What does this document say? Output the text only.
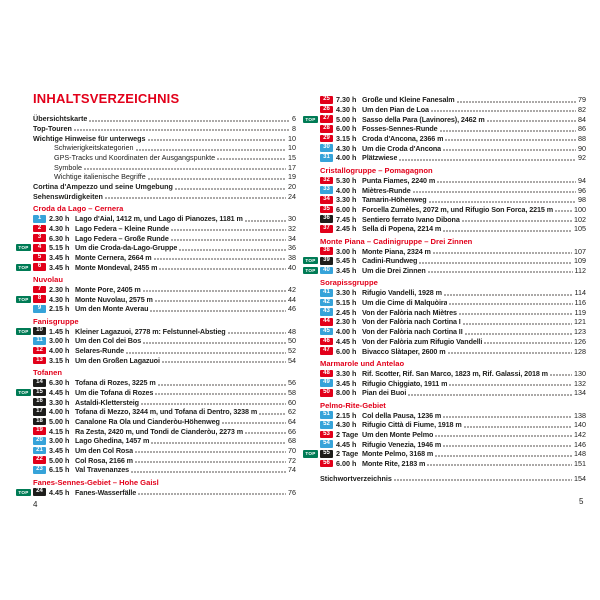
INHALTSVERZEICHNIS
Übersichtskarte	6
Top-Touren	8
Wichtige Hinweise für unterwegs	10
Schwierigkeitskategorien	10
GPS-Tracks und Koordinaten der Ausgangspunkte	15
Symbole	17
Wichtige italienische Begriffe	19
Cortina d'Ampezzo und seine Umgebung	20
Sehenswürdigkeiten	24
Croda da Lago – Cernera
1	2.30 h Lago d'Aial, 1412 m, und Lago di Pianozes, 1181 m	30
2	4.30 h Lago Federa – Kleine Runde	32
3	6.30 h Lago Federa – Große Runde	34
TOP	4	5.15 h Um die Croda-da-Lago-Gruppe	36
5	3.45 h Monte Cernera, 2664 m	38
TOP	6	3.45 h Monte Mondeval, 2455 m	40
Nuvolau
7	2.30 h Monte Pore, 2405 m	42
TOP	8	4.30 h Monte Nuvolau, 2575 m	44
9	2.15 h Um den Monte Averau	46
Fanisgruppe
TOP	10 1.45 h Kleiner Lagazuoi, 2778 m: Felstunnel-Abstieg	48
11 3.00 h Um den Col dei Bos	50
12 4.00 h Selares-Runde	52
13 3.15 h Um den Großen Lagazuoi	54
Tofanen
14 6.30 h Tofana di Rozes, 3225 m	56
TOP	15 4.45 h Um die Tofana di Rozes	58
16 3.30 h Astaldi-Klettersteig	60
17 4.00 h Tofana di Mezzo, 3244 m, und Tofana di Dentro, 3238 m	62
18 5.00 h Canalone Ra Ola und Cianderòu-Höhenweg	64
19 4.15 h Ra Zesta, 2420 m, und Tondi de Cianderòu, 2273 m	66
20 3.00 h Lago Ghedina, 1457 m	68
21 3.45 h Um den Col Rosa	70
22 5.00 h Col Rosa, 2166 m	72
23 6.15 h Val Travenanzes	74
Fanes-Sennes-Gebiet – Hohe Gaisl
TOP	24 4.45 h Fanes-Wasserfälle	76
25 7.30 h Große und Kleine Fanesalm	79
26 4.30 h Um den Pian de Loa	82
TOP	27 5.00 h Sasso della Para (Lavinores), 2462 m	84
28 6.00 h Fosses-Sennes-Runde	86
29 3.15 h Croda d'Ancona, 2366 m	88
30 4.30 h Um die Croda d'Ancona	90
31 4.00 h Plätzwiese	92
Cristallogruppe – Pomagagnon
32 5.30 h Punta Fiames, 2240 m	94
33 4.00 h Miètres-Runde	96
34 3.30 h Tamarin-Höhenweg	98
35 6.00 h Forcella Zumèles, 2072 m, und Rifugio Son Forca, 2215 m	100
36 7.45 h Sentiero ferrato Ivano Dibona	102
37 2.45 h Sella di Popena, 2214 m	105
Monte Piana – Cadinigruppe – Drei Zinnen
38 3.00 h Monte Piana, 2324 m	107
TOP	39 5.45 h Cadini-Rundweg	109
TOP	40 3.45 h Um die Drei Zinnen	112
Sorapissgruppe
41 3.30 h Rifugio Vandelli, 1928 m	114
42 5.15 h Um die Cime di Malquòira	116
43 2.45 h Von der Falòria nach Miètres	119
44 2.30 h Von der Falòria nach Cortina I	121
45 4.00 h Von der Falòria nach Cortina II	123
46 4.45 h Von der Falòria zum Rifugio Vandelli	126
47 6.00 h Bivacco Slàtaper, 2600 m	128
Marmarole und Antelao
48 3.30 h Rif. Scotter, Rif. San Marco, 1823 m, Rif. Galassi, 2018 m	130
49 3.45 h Rifugio Chiggiato, 1911 m	132
50 8.00 h Pian dei Buoi	134
Pelmo-Rite-Gebiet
51 2.15 h Col della Pausa, 1236 m	138
52 4.30 h Rifugio Città di Fiume, 1918 m	140
53 2 Tage Um den Monte Pelmo	142
54 4.45 h Rifugio Venezia, 1946 m	146
TOP	55 2 Tage Monte Pelmo, 3168 m	148
56 6.00 h Monte Rite, 2183 m	151
Stichwortverzeichnis	154
4	5
